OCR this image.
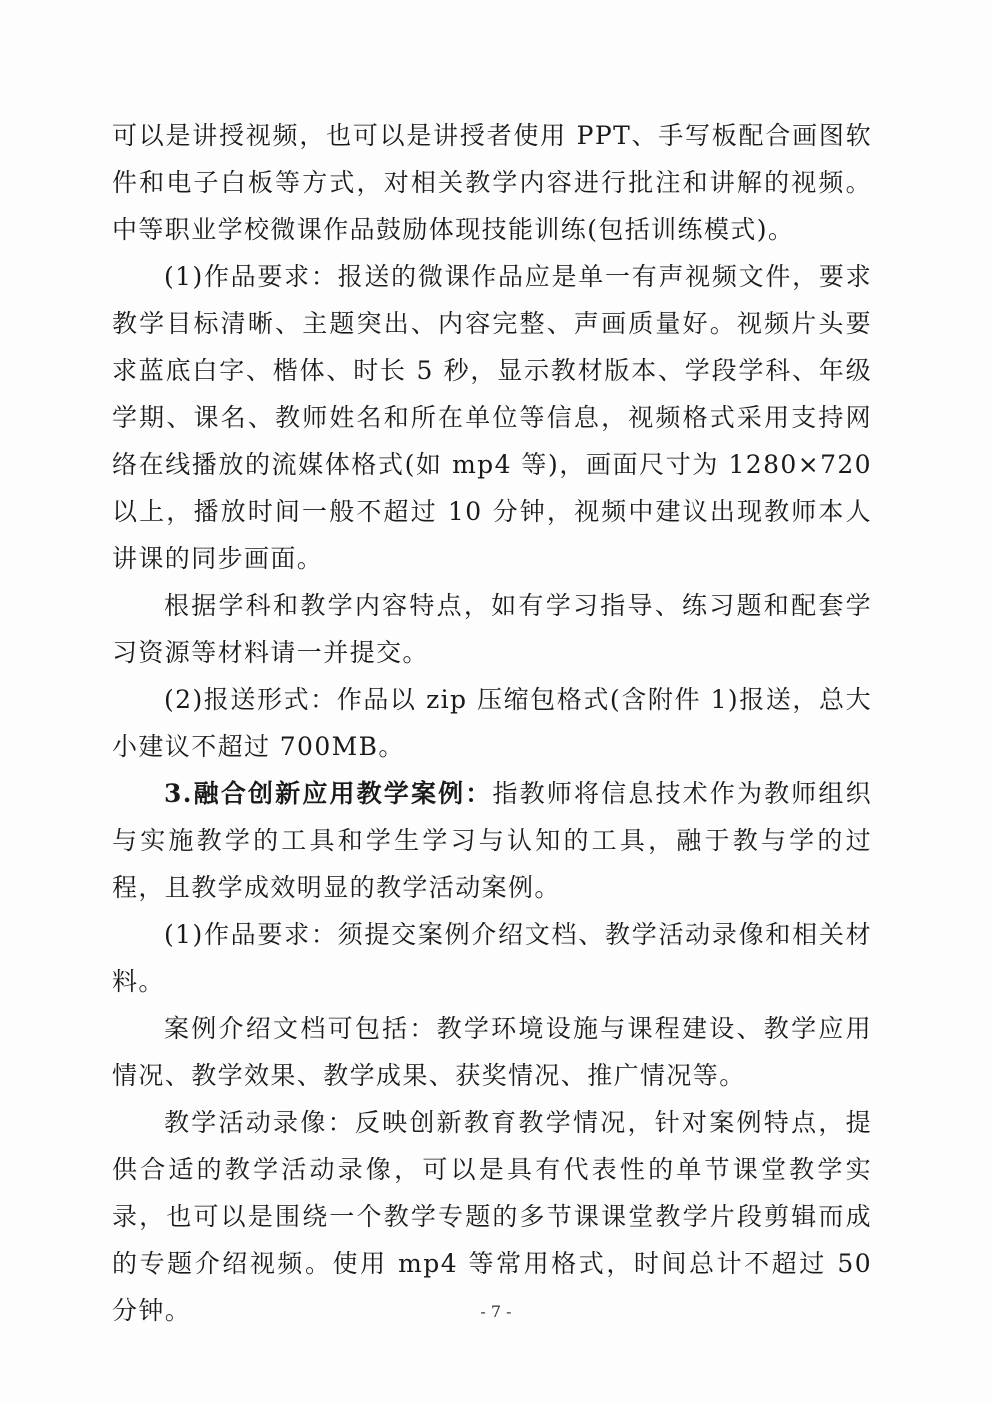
可以是讲授视频，也可以是讲授者使用 PPT、手写板配合画图软件和电子白板等方式，对相关教学内容进行批注和讲解的视频。中等职业学校微课作品鼓励体现技能训练(包括训练模式)。

(1)作品要求：报送的微课作品应是单一有声视频文件，要求教学目标清晰、主题突出、内容完整、声画质量好。视频片头要求蓝底白字、楷体、时长 5 秒，显示教材版本、学段学科、年级学期、课名、教师姓名和所在单位等信息，视频格式采用支持网络在线播放的流媒体格式(如 mp4 等)，画面尺寸为 1280×720 以上，播放时间一般不超过 10 分钟，视频中建议出现教师本人讲课的同步画面。

根据学科和教学内容特点，如有学习指导、练习题和配套学习资源等材料请一并提交。

(2)报送形式：作品以 zip 压缩包格式(含附件 1)报送，总大小建议不超过 700MB。

3.融合创新应用教学案例：指教师将信息技术作为教师组织与实施教学的工具和学生学习与认知的工具，融于教与学的过程，且教学成效明显的教学活动案例。

(1)作品要求：须提交案例介绍文档、教学活动录像和相关材料。

案例介绍文档可包括：教学环境设施与课程建设、教学应用情况、教学效果、教学成果、获奖情况、推广情况等。

教学活动录像：反映创新教育教学情况，针对案例特点，提供合适的教学活动录像，可以是具有代表性的单节课堂教学实录，也可以是围绕一个教学专题的多节课课堂教学片段剪辑而成的专题介绍视频。使用 mp4 等常用格式，时间总计不超过 50 分钟。	- 7 -
